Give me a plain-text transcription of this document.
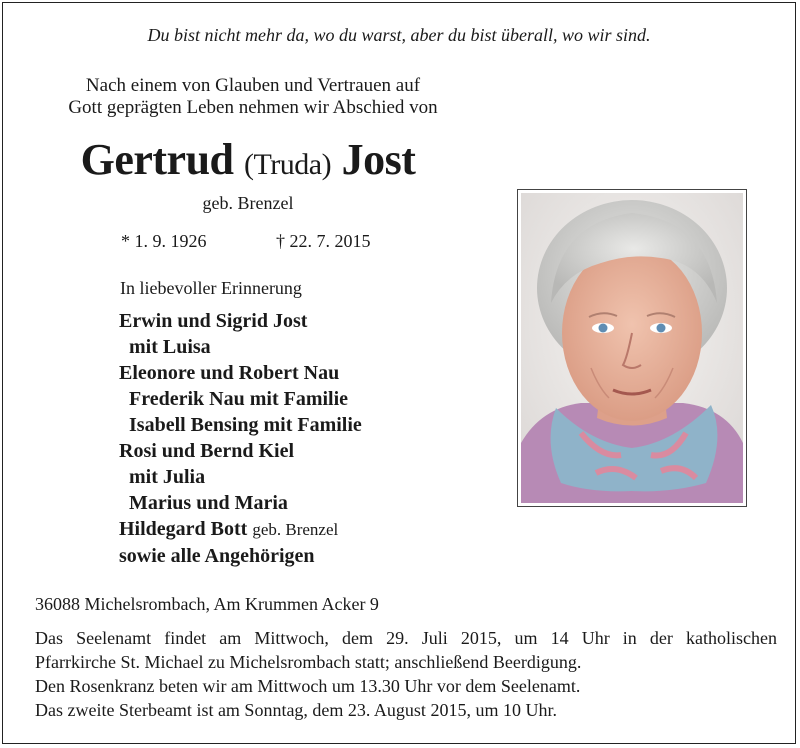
Du bist nicht mehr da, wo du warst, aber du bist überall, wo wir sind.
Nach einem von Glauben und Vertrauen auf
Gott geprägten Leben nehmen wir Abschied von
Gertrud (Truda) Jost
geb. Brenzel
* 1. 9. 1926	† 22. 7. 2015
In liebevoller Erinnerung
Erwin und Sigrid Jost
mit Luisa
Eleonore und Robert Nau
Frederik Nau mit Familie
Isabell Bensing mit Familie
Rosi und Bernd Kiel
mit Julia
Marius und Maria
Hildegard Bott geb. Brenzel
sowie alle Angehörigen
36088 Michelsrombach, Am Krummen Acker 9
Das Seelenamt findet am Mittwoch, dem 29. Juli 2015, um 14 Uhr in der katholischen
Pfarrkirche St. Michael zu Michelsrombach statt; anschließend Beerdigung.
Den Rosenkranz beten wir am Mittwoch um 13.30 Uhr vor dem Seelenamt.
Das zweite Sterbeamt ist am Sonntag, dem 23. August 2015, um 10 Uhr.
